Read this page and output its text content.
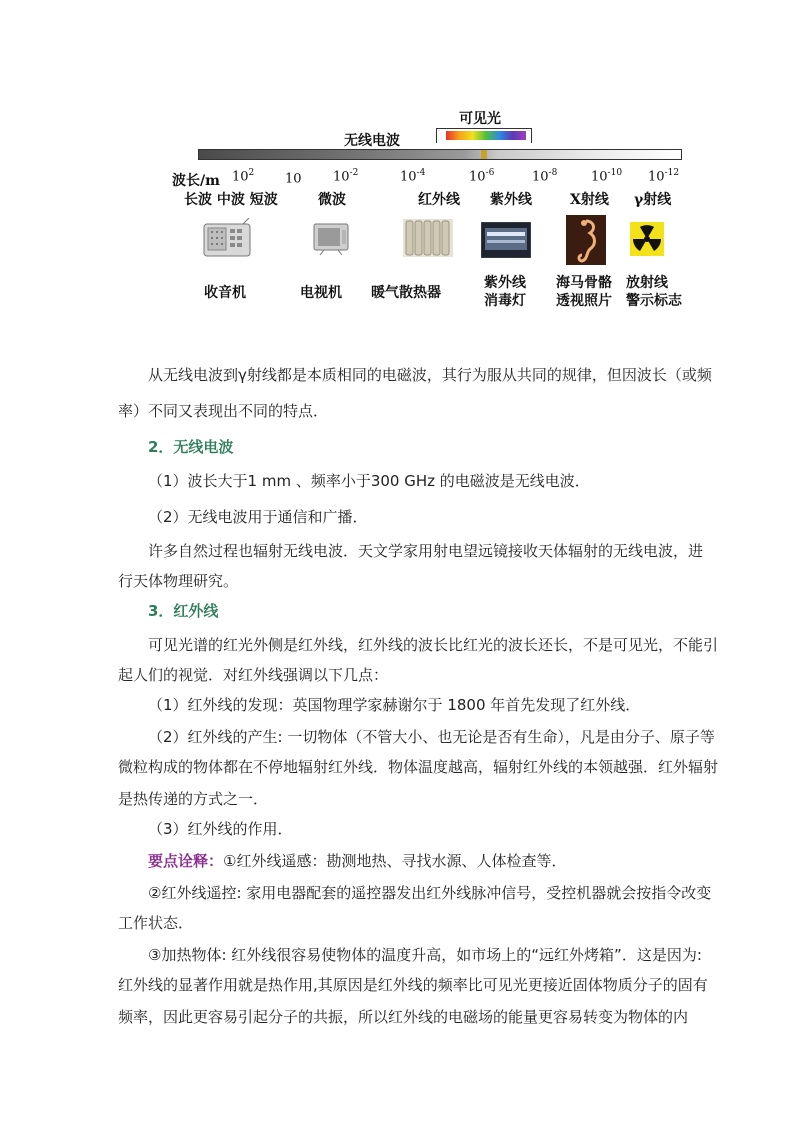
可见光
无线电波
波长/m $10^2$ 10 $10^{-2}$	$10^{-4}$	$10^{-6}$	$10^{-8}$	$10^{-10}$ $10^{-12}$
长波 中波 短波	微波	红外线 紫外线	X射线 γ射线
收音机	电视机 暖气散热器
紫外线
消毒灯
海马骨骼
透视照片
放射线
警示标志
从无线电波到γ射线都是本质相同的电磁波，其行为服从共同的规律，但因波长（或频
率）不同又表现出不同的特点．
2．无线电波
（1）波长大于1 mm 、频率小于300 GHz 的电磁波是无线电波．
（2）无线电波用于通信和广播．
许多自然过程也辐射无线电波．天文学家用射电望远镜接收天体辐射的无线电波，进
行天体物理研究。
3．红外线
可见光谱的红光外侧是红外线，红外线的波长比红光的波长还长，不是可见光，不能引
起人们的视觉．对红外线强调以下几点：
（1）红外线的发现：英国物理学家赫谢尔于 1800 年首先发现了红外线．
（2）红外线的产生: 一切物体（不管大小、也无论是否有生命），凡是由分子、原子等
微粒构成的物体都在不停地辐射红外线．物体温度越高，辐射红外线的本领越强．红外辐射
是热传递的方式之一．
（3）红外线的作用．
要点诠释：①红外线遥感：勘测地热、寻找水源、人体检查等．
②红外线遥控: 家用电器配套的遥控器发出红外线脉冲信号，受控机器就会按指令改变
工作状态．
③加热物体: 红外线很容易使物体的温度升高，如市场上的“远红外烤箱”．这是因为:
红外线的显著作用就是热作用,其原因是红外线的频率比可见光更接近固体物质分子的固有
频率，因此更容易引起分子的共振，所以红外线的电磁场的能量更容易转变为物体的内
